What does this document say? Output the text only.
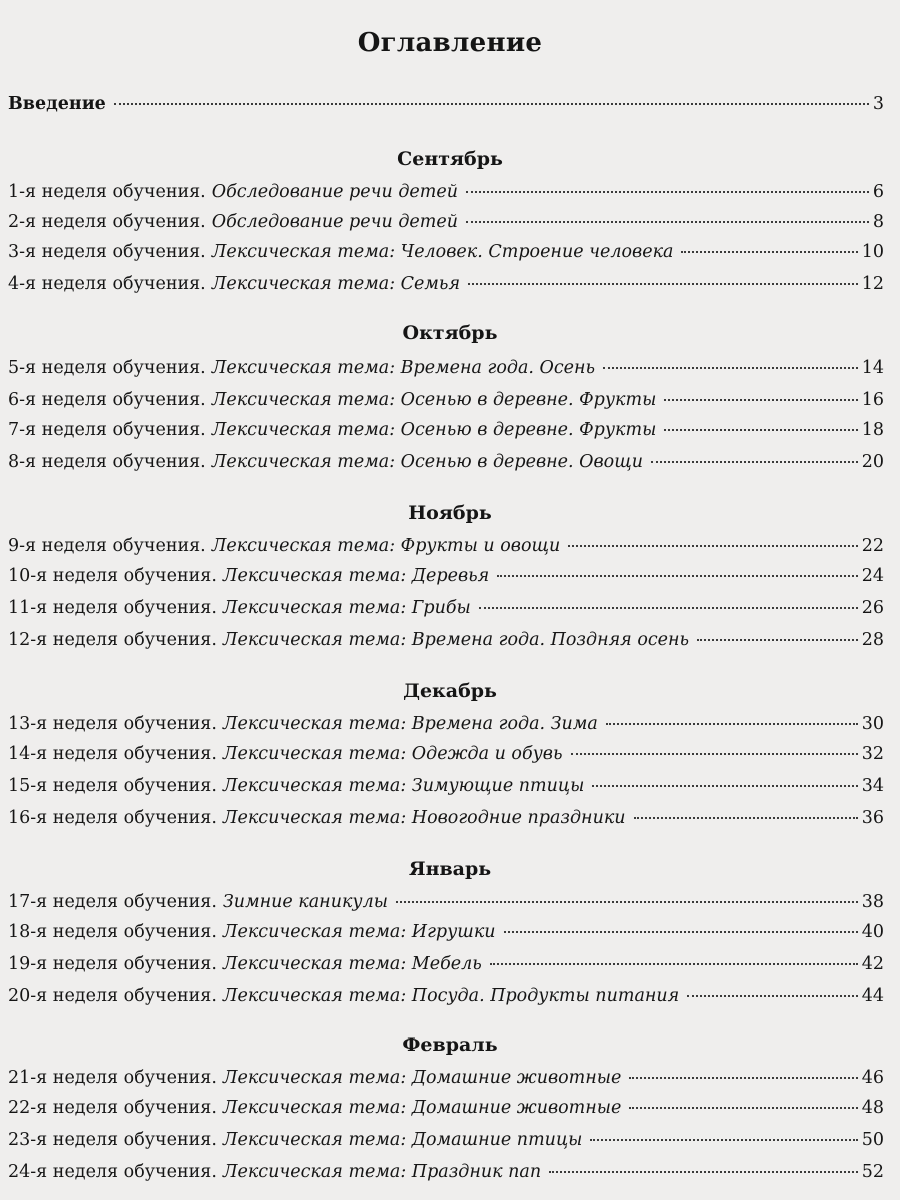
Оглавление
Введение	3
Сентябрь
1-я неделя обучения. Обследование речи детей	6
2-я неделя обучения. Обследование речи детей	8
3-я неделя обучения. Лексическая тема: Человек. Строение человека	10
4-я неделя обучения. Лексическая тема: Семья	12
Октябрь
5-я неделя обучения. Лексическая тема: Времена года. Осень	14
6-я неделя обучения. Лексическая тема: Осенью в деревне. Фрукты	16
7-я неделя обучения. Лексическая тема: Осенью в деревне. Фрукты	18
8-я неделя обучения. Лексическая тема: Осенью в деревне. Овощи	20
Ноябрь
9-я неделя обучения. Лексическая тема: Фрукты и овощи	22
10-я неделя обучения. Лексическая тема: Деревья	24
11-я неделя обучения. Лексическая тема: Грибы	26
12-я неделя обучения. Лексическая тема: Времена года. Поздняя осень	28
Декабрь
13-я неделя обучения. Лексическая тема: Времена года. Зима	30
14-я неделя обучения. Лексическая тема: Одежда и обувь	32
15-я неделя обучения. Лексическая тема: Зимующие птицы	34
16-я неделя обучения. Лексическая тема: Новогодние праздники	36
Январь
17-я неделя обучения. Зимние каникулы	38
18-я неделя обучения. Лексическая тема: Игрушки	40
19-я неделя обучения. Лексическая тема: Мебель	42
20-я неделя обучения. Лексическая тема: Посуда. Продукты питания	44
Февраль
21-я неделя обучения. Лексическая тема: Домашние животные	46
22-я неделя обучения. Лексическая тема: Домашние животные	48
23-я неделя обучения. Лексическая тема: Домашние птицы	50
24-я неделя обучения. Лексическая тема: Праздник пап	52
